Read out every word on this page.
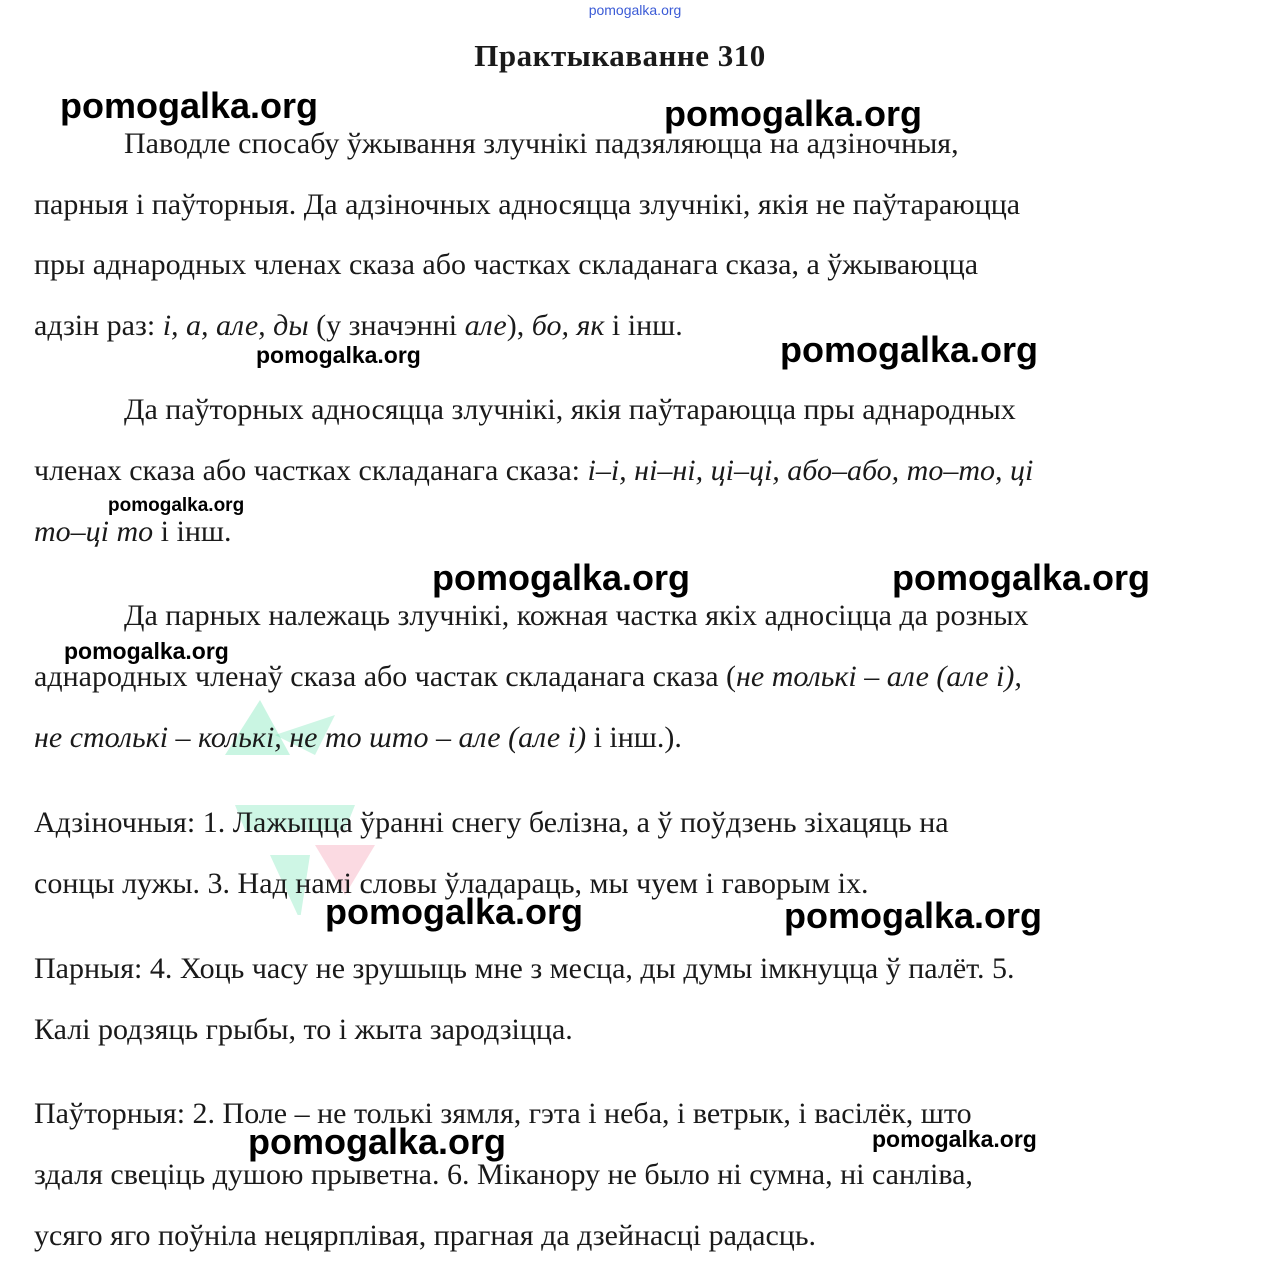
pomogalka.org
Практыкаванне 310
Паводле спосабу ўжывання злучнікі падзяляюцца на адзіночныя,
парныя і паўторныя. Да адзіночных адносяцца злучнікі, якія не паўтараюцца
пры аднародных членах сказа або частках складанага сказа, а ўжываюцца
адзін раз: і, а, але, ды (у значэнні але), бо, як і інш.
Да паўторных адносяцца злучнікі, якія паўтараюцца пры аднародных
членах сказа або частках складанага сказа: і–і, ні–ні, ці–ці, або–або, то–то, ці
то–ці то і інш.
Да парных належаць злучнікі, кожная частка якіх адносіцца да розных
аднародных членаў сказа або частак складанага сказа (не толькі – але (але і),
не столькі – колькі, не то што – але (але і) і інш.).
Адзіночныя: 1. Лажыцца ўранні снегу белізна, а ў поўдзень зіхацяць на
сонцы лужы. 3. Над намі словы ўладараць, мы чуем і гаворым іх.
Парныя: 4. Хоць часу не зрушыць мне з месца, ды думы імкнуцца ў палёт. 5.
Калі родзяць грыбы, то і жыта зародзіцца.
Паўторныя: 2. Поле – не толькі зямля, гэта і неба, і ветрык, і васілёк, што
здаля свеціць душою прыветна. 6. Міканору не было ні сумна, ні санліва,
усяго яго поўніла нецярплівая, прагная да дзейнасці радасць.
pomogalka.org	pomogalka.org
pomogalka.org	pomogalka.org
pomogalka.org
pomogalka.org	pomogalka.org
pomogalka.org
pomogalka.org	pomogalka.org
pomogalka.org	pomogalka.org
